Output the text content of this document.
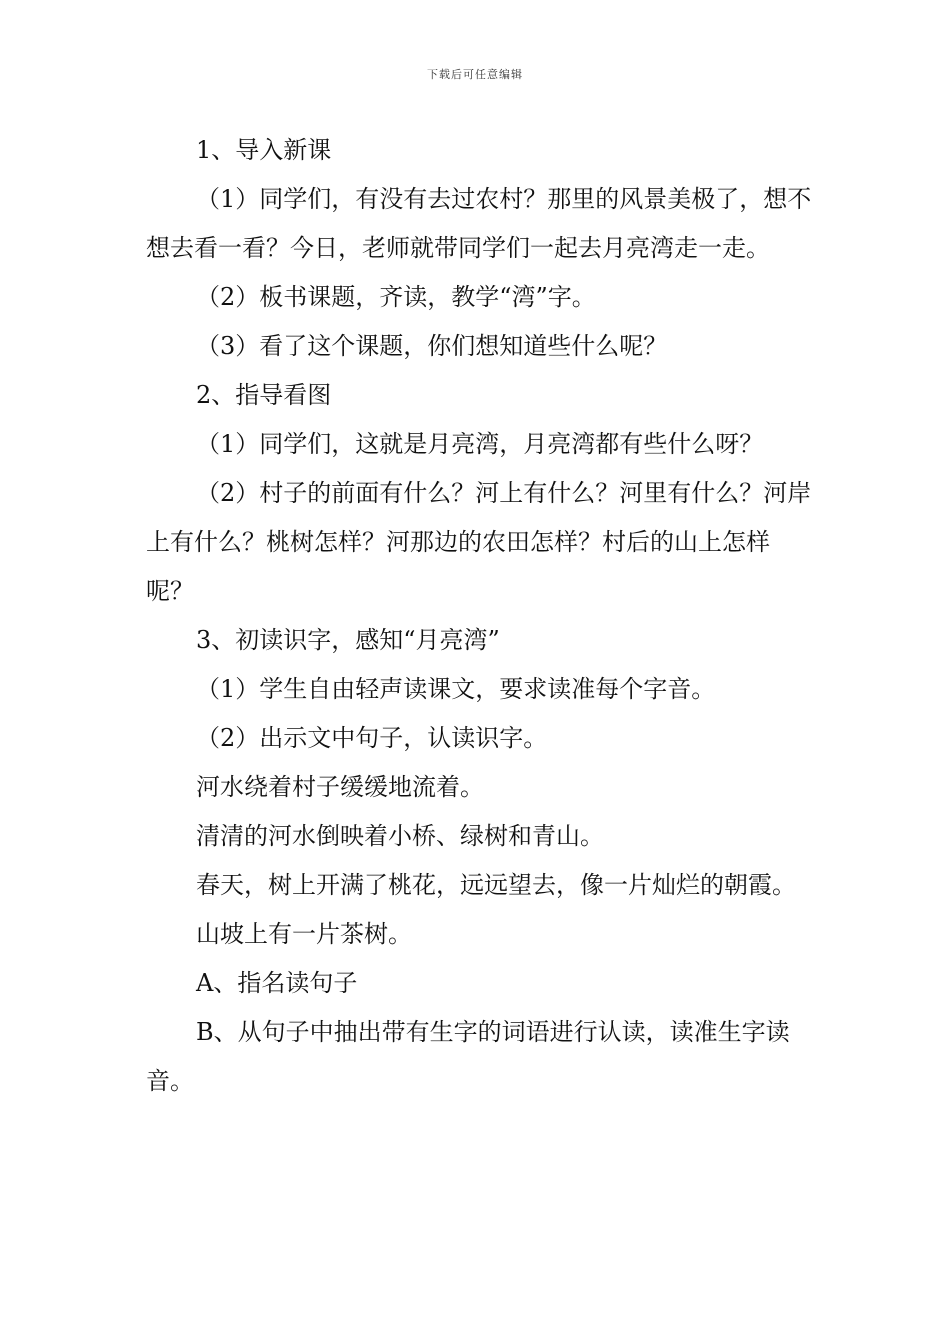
下载后可任意编辑

1、导入新课

（1）同学们，有没有去过农村？那里的风景美极了，想不想去看一看？今日，老师就带同学们一起去月亮湾走一走。

（2）板书课题，齐读，教学“湾”字。

（3）看了这个课题，你们想知道些什么呢？

2、指导看图

（1）同学们，这就是月亮湾，月亮湾都有些什么呀？

（2）村子的前面有什么？河上有什么？河里有什么？河岸上有什么？桃树怎样？河那边的农田怎样？村后的山上怎样呢？

3、初读识字，感知“月亮湾”

（1）学生自由轻声读课文，要求读准每个字音。

（2）出示文中句子，认读识字。

河水绕着村子缓缓地流着。

清清的河水倒映着小桥、绿树和青山。

春天，树上开满了桃花，远远望去，像一片灿烂的朝霞。

山坡上有一片茶树。

A、指名读句子

B、从句子中抽出带有生字的词语进行认读，读准生字读音。
